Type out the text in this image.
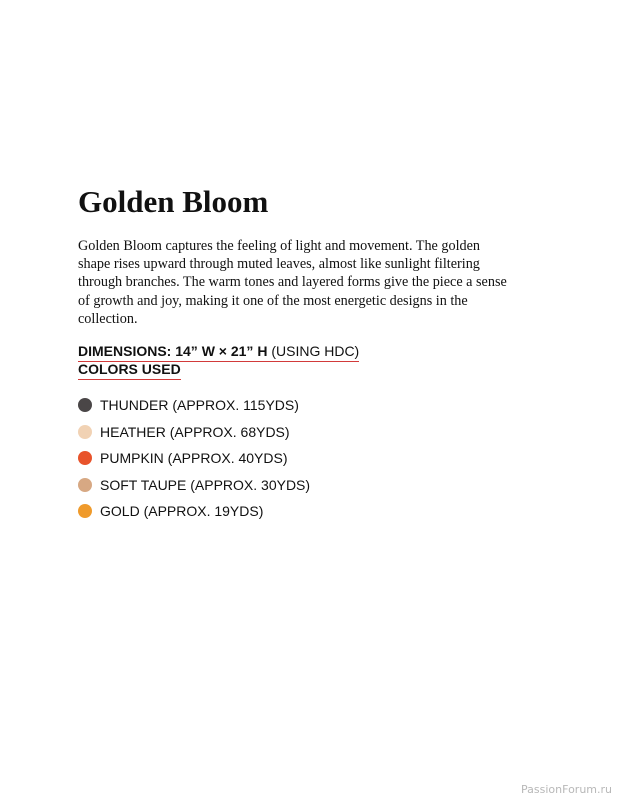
Golden Bloom

Golden Bloom captures the feeling of light and movement. The golden
shape rises upward through muted leaves, almost like sunlight filtering
through branches. The warm tones and layered forms give the piece a sense
of growth and joy, making it one of the most energetic designs in the
collection.

DIMENSIONS: 14” W × 21” H (USING HDC)
COLORS USED
THUNDER (APPROX. 115YDS)
HEATHER (APPROX. 68YDS)
PUMPKIN (APPROX. 40YDS)
SOFT TAUPE (APPROX. 30YDS)
GOLD (APPROX. 19YDS)
PassionForum.ru
